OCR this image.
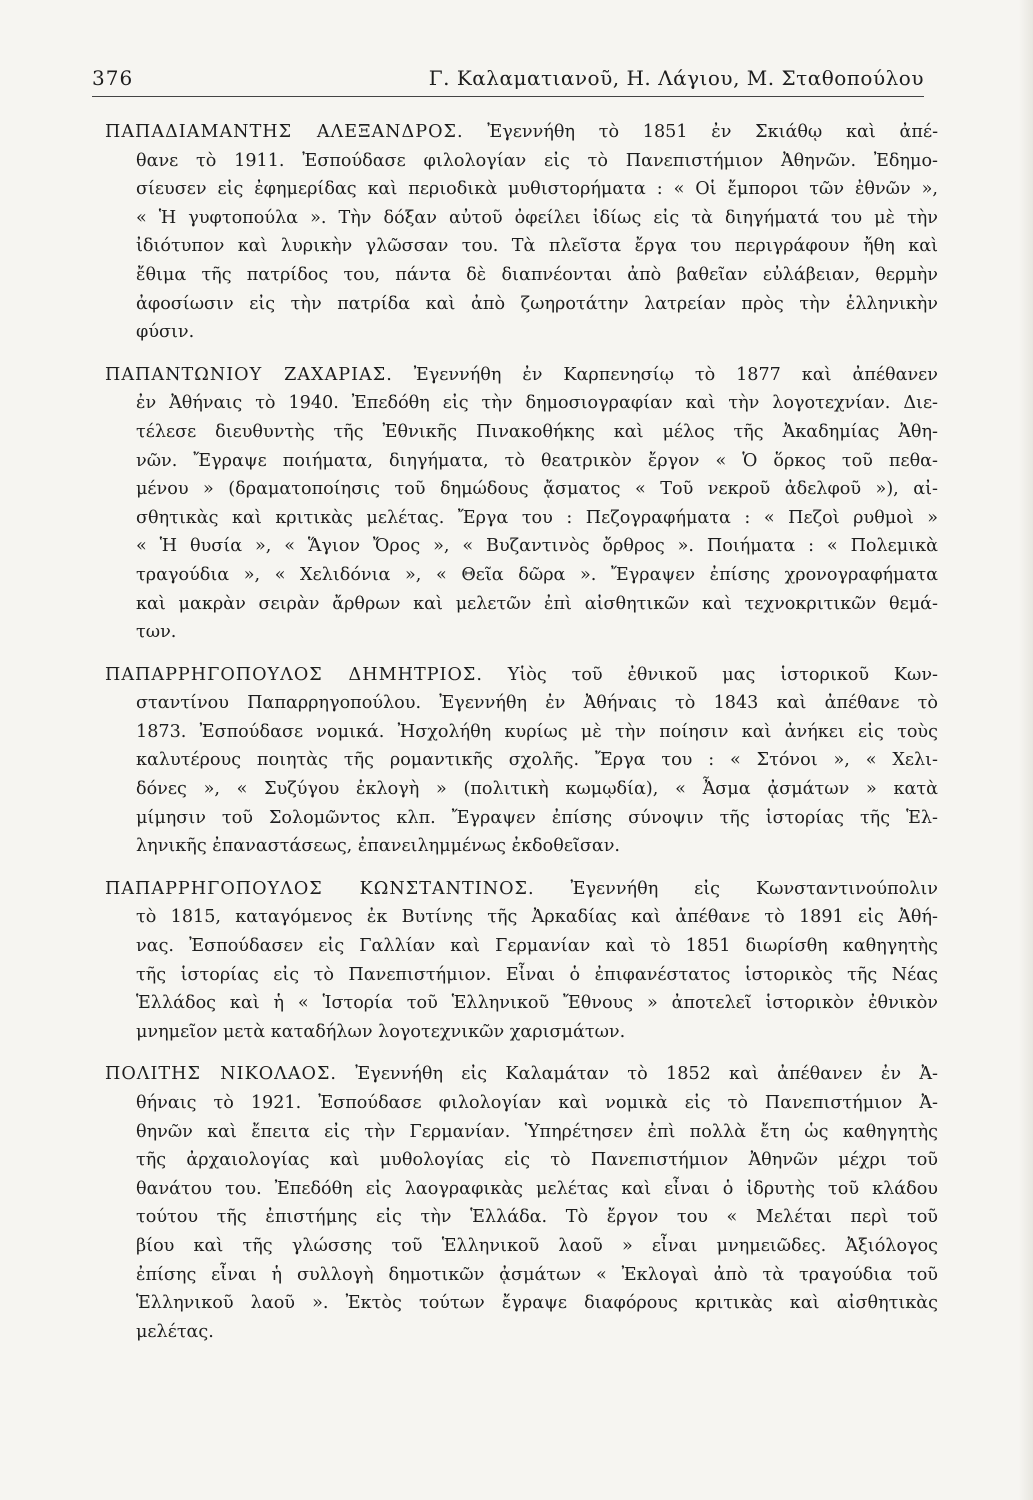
376	Γ. Καλαματιανοῦ, Η. Λάγιου, Μ. Σταθοπούλου

ΠΑΠΑΔΙΑΜΑΝΤΗΣ ΑΛΕΞΑΝΔΡΟΣ. Ἐγεννήθη τὸ 1851 ἐν Σκιάθῳ καὶ ἀπέ-
θανε τὸ 1911. Ἐσπούδασε φιλολογίαν εἰς τὸ Πανεπιστήμιον Ἀθηνῶν. Ἐδημο-
σίευσεν εἰς ἐφημερίδας καὶ περιοδικὰ μυθιστορήματα : « Οἱ ἔμποροι τῶν ἐθνῶν »,
« Ἡ γυφτοπούλα ». Τὴν δόξαν αὐτοῦ ὀφείλει ἰδίως εἰς τὰ διηγήματά του μὲ τὴν
ἰδιότυπον καὶ λυρικὴν γλῶσσαν του. Τὰ πλεῖστα ἔργα του περιγράφουν ἤθη καὶ
ἔθιμα τῆς πατρίδος του, πάντα δὲ διαπνέονται ἀπὸ βαθεῖαν εὐλάβειαν, θερμὴν
ἀφοσίωσιν εἰς τὴν πατρίδα καὶ ἀπὸ ζωηροτάτην λατρείαν πρὸς τὴν ἑλληνικὴν
φύσιν.

ΠΑΠΑΝΤΩΝΙΟΥ ΖΑΧΑΡΙΑΣ. Ἐγεννήθη ἐν Καρπενησίῳ τὸ 1877 καὶ ἀπέθανεν
ἐν Ἀθήναις τὸ 1940. Ἐπεδόθη εἰς τὴν δημοσιογραφίαν καὶ τὴν λογοτεχνίαν. Διε-
τέλεσε διευθυντὴς τῆς Ἐθνικῆς Πινακοθήκης καὶ μέλος τῆς Ἀκαδημίας Ἀθη-
νῶν. Ἔγραψε ποιήματα, διηγήματα, τὸ θεατρικὸν ἔργον « Ὁ ὅρκος τοῦ πεθα-
μένου » (δραματοποίησις τοῦ δημώδους ᾄσματος « Τοῦ νεκροῦ ἀδελφοῦ »), αἰ-
σθητικὰς καὶ κριτικὰς μελέτας. Ἔργα του : Πεζογραφήματα : « Πεζοὶ ρυθμοὶ »
« Ἡ θυσία », « Ἅγιον Ὄρος », « Βυζαντινὸς ὄρθρος ». Ποιήματα : « Πολεμικὰ
τραγούδια », « Χελιδόνια », « Θεῖα δῶρα ». Ἔγραψεν ἐπίσης χρονογραφήματα
καὶ μακρὰν σειρὰν ἄρθρων καὶ μελετῶν ἐπὶ αἰσθητικῶν καὶ τεχνοκριτικῶν θεμά-
των.

ΠΑΠΑΡΡΗΓΟΠΟΥΛΟΣ ΔΗΜΗΤΡΙΟΣ. Υἱὸς τοῦ ἐθνικοῦ μας ἱστορικοῦ Κων-
σταντίνου Παπαρρηγοπούλου. Ἐγεννήθη ἐν Ἀθήναις τὸ 1843 καὶ ἀπέθανε τὸ
1873. Ἐσπούδασε νομικά. Ἠσχολήθη κυρίως μὲ τὴν ποίησιν καὶ ἀνήκει εἰς τοὺς
καλυτέρους ποιητὰς τῆς ρομαντικῆς σχολῆς. Ἔργα του : « Στόνοι », « Χελι-
δόνες », « Συζύγου ἐκλογὴ » (πολιτικὴ κωμῳδία), « Ἆσμα ᾀσμάτων » κατὰ
μίμησιν τοῦ Σολομῶντος κλπ. Ἔγραψεν ἐπίσης σύνοψιν τῆς ἱστορίας τῆς Ἑλ-
ληνικῆς ἐπαναστάσεως, ἐπανειλημμένως ἐκδοθεῖσαν.

ΠΑΠΑΡΡΗΓΟΠΟΥΛΟΣ ΚΩΝΣΤΑΝΤΙΝΟΣ. Ἐγεννήθη εἰς Κωνσταντινούπολιν
τὸ 1815, καταγόμενος ἐκ Βυτίνης τῆς Ἀρκαδίας καὶ ἀπέθανε τὸ 1891 εἰς Ἀθή-
νας. Ἐσπούδασεν εἰς Γαλλίαν καὶ Γερμανίαν καὶ τὸ 1851 διωρίσθη καθηγητὴς
τῆς ἱστορίας εἰς τὸ Πανεπιστήμιον. Εἶναι ὁ ἐπιφανέστατος ἱστορικὸς τῆς Νέας
Ἑλλάδος καὶ ἡ « Ἱστορία τοῦ Ἑλληνικοῦ Ἔθνους » ἀποτελεῖ ἱστορικὸν ἐθνικὸν
μνημεῖον μετὰ καταδήλων λογοτεχνικῶν χαρισμάτων.

ΠΟΛΙΤΗΣ ΝΙΚΟΛΑΟΣ. Ἐγεννήθη εἰς Καλαμάταν τὸ 1852 καὶ ἀπέθανεν ἐν Ἀ-
θήναις τὸ 1921. Ἐσπούδασε φιλολογίαν καὶ νομικὰ εἰς τὸ Πανεπιστήμιον Ἀ-
θηνῶν καὶ ἔπειτα εἰς τὴν Γερμανίαν. Ὑπηρέτησεν ἐπὶ πολλὰ ἔτη ὡς καθηγητὴς
τῆς ἀρχαιολογίας καὶ μυθολογίας εἰς τὸ Πανεπιστήμιον Ἀθηνῶν μέχρι τοῦ
θανάτου του. Ἐπεδόθη εἰς λαογραφικὰς μελέτας καὶ εἶναι ὁ ἱδρυτὴς τοῦ κλάδου
τούτου τῆς ἐπιστήμης εἰς τὴν Ἑλλάδα. Τὸ ἔργον του « Μελέται περὶ τοῦ
βίου καὶ τῆς γλώσσης τοῦ Ἑλληνικοῦ λαοῦ » εἶναι μνημειῶδες. Ἀξιόλογος
ἐπίσης εἶναι ἡ συλλογὴ δημοτικῶν ᾀσμάτων « Ἐκλογαὶ ἀπὸ τὰ τραγούδια τοῦ
Ἑλληνικοῦ λαοῦ ». Ἐκτὸς τούτων ἔγραψε διαφόρους κριτικὰς καὶ αἰσθητικὰς
μελέτας.
